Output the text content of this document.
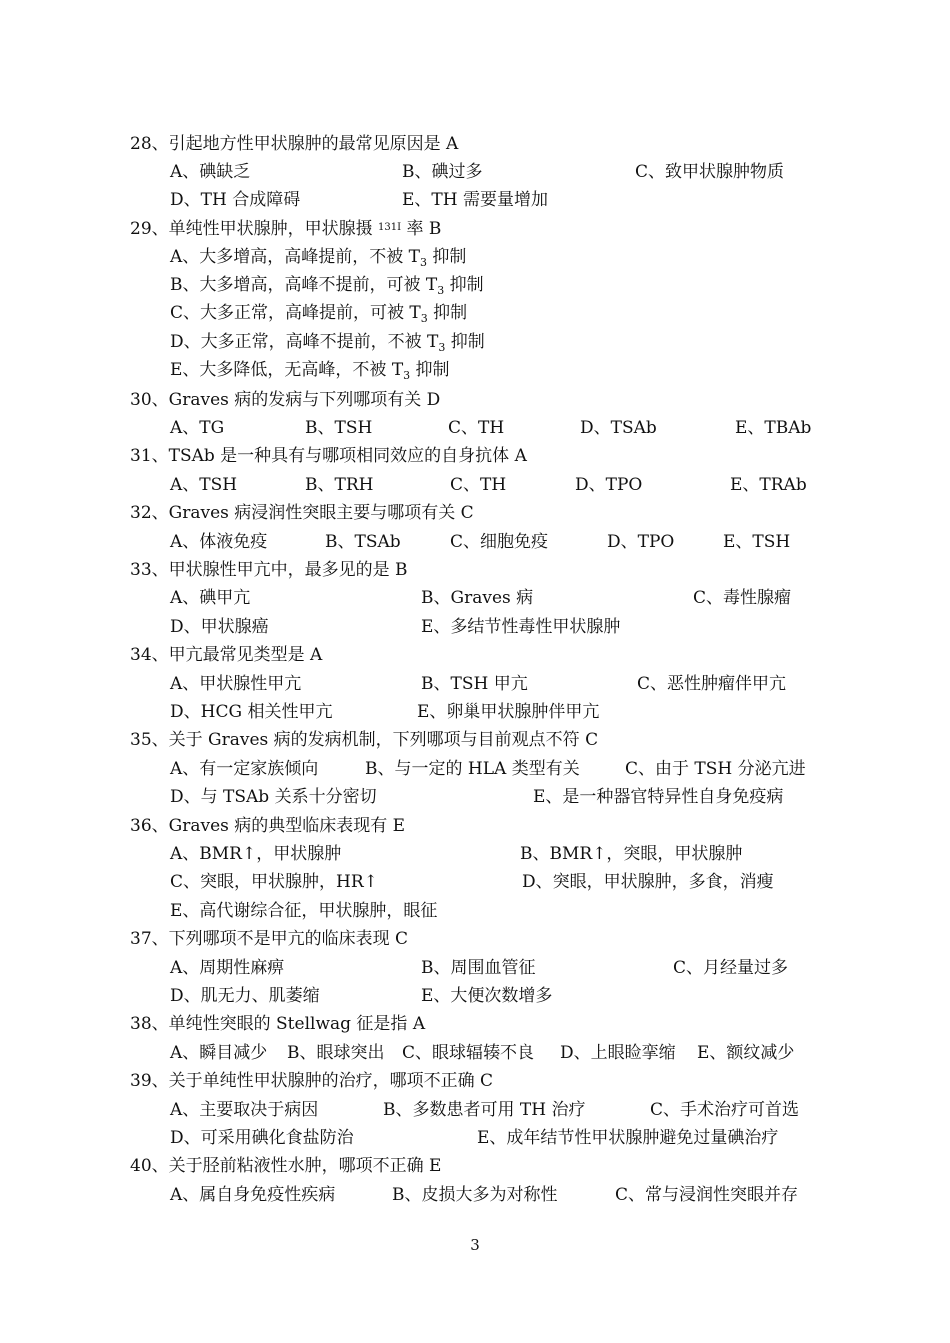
28、引起地方性甲状腺肿的最常见原因是 A
A、碘缺乏	B、碘过多	C、致甲状腺肿物质
D、TH 合成障碍	E、TH 需要量增加
29、单纯性甲状腺肿，甲状腺摄 $^{131I}$ 率 B
A、大多增高，高峰提前，不被 $T_3$ 抑制
B、大多增高，高峰不提前，可被 $T_3$ 抑制
C、大多正常，高峰提前，可被 $T_3$ 抑制
D、大多正常，高峰不提前，不被 $T_3$ 抑制
E、大多降低，无高峰，不被 $T_3$ 抑制
30、Graves 病的发病与下列哪项有关 D
A、TG	B、TSH	C、TH	D、TSAb	E、TBAb
31、TSAb 是一种具有与哪项相同效应的自身抗体 A
A、TSH	B、TRH	C、TH	D、TPO	E、TRAb
32、Graves 病浸润性突眼主要与哪项有关 C
A、体液免疫	B、TSAb	C、细胞免疫	D、TPO	E、TSH
33、甲状腺性甲亢中，最多见的是 B
A、碘甲亢	B、Graves 病	C、毒性腺瘤
D、甲状腺癌	E、多结节性毒性甲状腺肿
34、甲亢最常见类型是 A
A、甲状腺性甲亢	B、TSH 甲亢	C、恶性肿瘤伴甲亢
D、HCG 相关性甲亢	E、卵巢甲状腺肿伴甲亢
35、关于 Graves 病的发病机制，下列哪项与目前观点不符 C
A、有一定家族倾向	B、与一定的 HLA 类型有关	C、由于 TSH 分泌亢进
D、与 TSAb 关系十分密切	E、是一种器官特异性自身免疫病
36、Graves 病的典型临床表现有 E
A、BMR↑，甲状腺肿	B、BMR↑，突眼，甲状腺肿
C、突眼，甲状腺肿，HR↑	D、突眼，甲状腺肿，多食，消瘦
E、高代谢综合征，甲状腺肿，眼征
37、下列哪项不是甲亢的临床表现 C
A、周期性麻痹	B、周围血管征	C、月经量过多
D、肌无力、肌萎缩	E、大便次数增多
38、单纯性突眼的 Stellwag 征是指 A
A、瞬目减少 B、眼球突出 C、眼球辐辏不良 D、上眼睑挛缩 E、额纹减少
39、关于单纯性甲状腺肿的治疗，哪项不正确 C
A、主要取决于病因	B、多数患者可用 TH 治疗	C、手术治疗可首选
D、可采用碘化食盐防治	E、成年结节性甲状腺肿避免过量碘治疗
40、关于胫前粘液性水肿，哪项不正确 E
A、属自身免疫性疾病	B、皮损大多为对称性	C、常与浸润性突眼并存
3
